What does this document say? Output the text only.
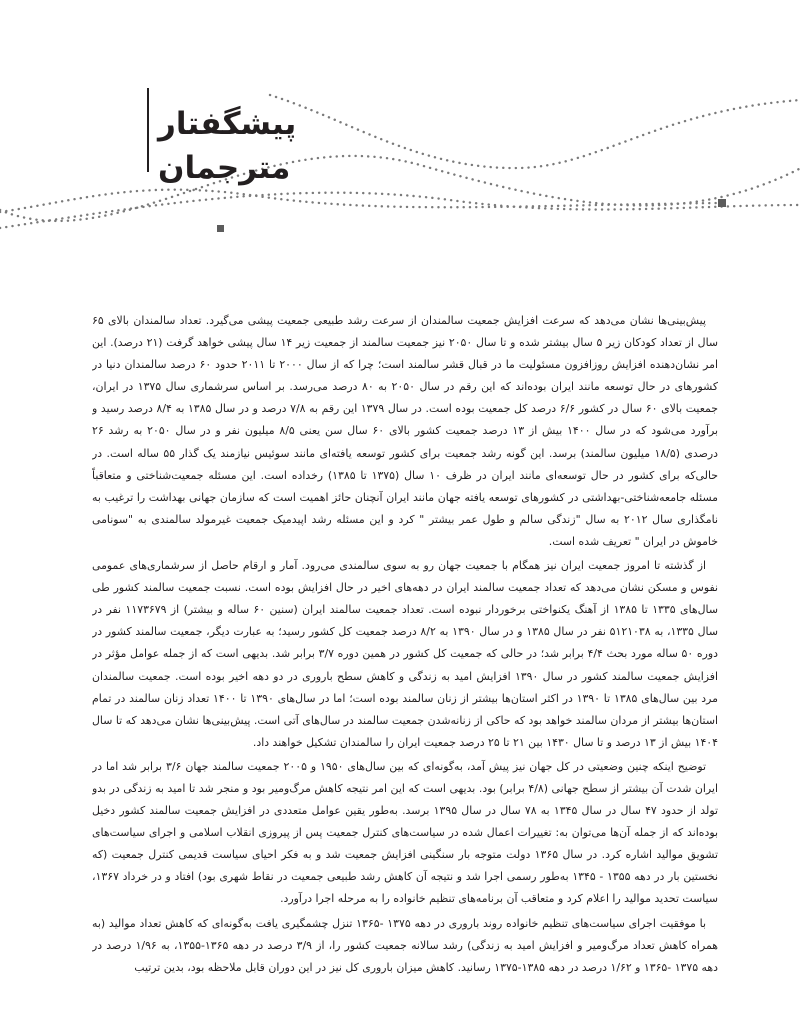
پیشگفتار مترجمان

پیش‌بینی‌ها نشان می‌دهد که سرعت افزایش جمعیت سالمندان از سرعت رشد طبیعی جمعیت پیشی می‌گیرد. تعداد سالمندان بالای ۶۵ سال از تعداد کودکان زیر ۵ سال بیشتر شده و تا سال ۲۰۵۰ نیز جمعیت سالمند از جمعیت زیر ۱۴ سال پیشی خواهد گرفت (۲۱ درصد). این امر نشان‌دهنده افزایش روزافزون مسئولیت ما در قبال قشر سالمند است؛ چرا که از سال ۲۰۰۰ تا ۲۰۱۱ حدود ۶۰ درصد سالمندان دنیا در کشورهای در حال توسعه مانند ایران بوده‌اند که این رقم در سال ۲۰۵۰ به ۸۰ درصد می‌رسد. بر اساس سرشماری سال ۱۳۷۵ در ایران، جمعیت بالای ۶۰ سال در کشور ۶/۶ درصد کل جمعیت بوده است. در سال ۱۳۷۹ این رقم به ۷/۸ درصد و در سال ۱۳۸۵ به ۸/۴ درصد رسید و برآورد می‌شود که در سال ۱۴۰۰ بیش از ۱۳ درصد جمعیت کشور بالای ۶۰ سال سن یعنی ۸/۵ میلیون نفر و در سال ۲۰۵۰ به رشد ۲۶ درصدی (۱۸/۵ میلیون سالمند) برسد. این گونه رشد جمعیت برای کشور توسعه یافته‌ای مانند سوئیس نیازمند یک گذار ۵۵ ساله است. در حالی‌که برای کشور در حال توسعه‌ای مانند ایران در ظرف ۱۰ سال (۱۳۷۵ تا ۱۳۸۵) رخداده است. این مسئله جمعیت‌شناختی و متعاقباً مسئله جامعه‌شناختی-بهداشتی در کشورهای توسعه یافته جهان مانند ایران آنچنان حائز اهمیت است که سازمان جهانی بهداشت را ترغیب به نامگذاری سال ۲۰۱۲ به سال "زندگی سالم و طول عمر بیشتر " کرد و این مسئله رشد اپیدمیک جمعیت غیرمولد سالمندی به "سونامی خاموش در ایران " تعریف شده است.

از گذشته تا امروز جمعیت ایران نیز همگام با جمعیت جهان رو به سوی سالمندی می‌رود. آمار و ارقام حاصل از سرشماری‌های عمومی نفوس و مسکن نشان می‌دهد که تعداد جمعیت سالمند ایران در دهه‌های اخیر در حال افزایش بوده است. نسبت جمعیت سالمند کشور طی سال‌های ۱۳۳۵ تا ۱۳۸۵ از آهنگ یکنواختی برخوردار نبوده است. تعداد جمعیت سالمند ایران (سنین ۶۰ ساله و بیشتر) از ۱۱۷۳۶۷۹ نفر در سال ۱۳۳۵، به ۵۱۲۱۰۳۸ نفر در سال ۱۳۸۵ و در سال ۱۳۹۰ به ۸/۲ درصد جمعیت کل کشور رسید؛ به عبارت دیگر، جمعیت سالمند کشور در دوره ۵۰ ساله مورد بحث ۴/۴ برابر شد؛ در حالی که جمعیت کل کشور در همین دوره ۳/۷ برابر شد. بدیهی است که از جمله عوامل مؤثر در افزایش جمعیت سالمند کشور در سال ۱۳۹۰ افزایش امید به زندگی و کاهش سطح باروری در دو دهه اخیر بوده است. جمعیت سالمندان مرد بین سال‌های ۱۳۸۵ تا ۱۳۹۰ در اکثر استان‌ها بیشتر از زنان سالمند بوده است؛ اما در سال‌های ۱۳۹۰ تا ۱۴۰۰ تعداد زنان سالمند در تمام استان‌ها بیشتر از مردان سالمند خواهد بود که حاکی از زنانه‌شدن جمعیت سالمند در سال‌های آتی است. پیش‌بینی‌ها نشان می‌دهد که تا سال ۱۴۰۴ بیش از ۱۳ درصد و تا سال ۱۴۳۰ بین ۲۱ تا ۲۵ درصد جمعیت ایران را سالمندان تشکیل خواهند داد.

توضیح اینکه چنین وضعیتی در کل جهان نیز پیش آمد، به‌گونه‌ای که بین سال‌های ۱۹۵۰ و ۲۰۰۵ جمعیت سالمند جهان ۳/۶ برابر شد اما در ایران شدت آن بیشتر از سطح جهانی (۴/۸ برابر) بود. بدیهی است که این امر نتیجه کاهش مرگ‌ومیر بود و منجر شد تا امید به زندگی در بدو تولد از حدود ۴۷ سال در سال ۱۳۴۵ به ۷۸ سال در سال ۱۳۹۵ برسد. به‌طور یقین عوامل متعددی در افزایش جمعیت سالمند کشور دخیل بوده‌اند که از جمله آن‌ها می‌توان به: تغییرات اعمال شده در سیاست‌های کنترل جمعیت پس از پیروزی انقلاب اسلامی و اجرای سیاست‌های تشویق موالید اشاره کرد. در سال ۱۳۶۵ دولت متوجه بار سنگینی افزایش جمعیت شد و به فکر احیای سیاست قدیمی کنترل جمعیت (که نخستین بار در دهه ۱۳۵۵ - ۱۳۴۵ به‌طور رسمی اجرا شد و نتیجه آن کاهش رشد طبیعی جمعیت در نقاط شهری بود) افتاد و در خرداد ۱۳۶۷، سیاست تحدید موالید را اعلام کرد و متعاقب آن برنامه‌های تنظیم خانواده را به مرحله اجرا درآورد.

با موفقیت اجرای سیاست‌های تنظیم خانواده روند باروری در دهه ۱۳۷۵ -۱۳۶۵ تنزل چشمگیری یافت به‌گونه‌ای که کاهش تعداد موالید (به همراه کاهش تعداد مرگ‌ومیر و افزایش امید به زندگی) رشد سالانه جمعیت کشور را، از ۳/۹ درصد در دهه ۱۳۶۵-۱۳۵۵، به ۱/۹۶ درصد در دهه ۱۳۷۵ -۱۳۶۵ و ۱/۶۲ درصد در دهه ۱۳۸۵-۱۳۷۵ رسانید. کاهش میزان باروری کل نیز در این دوران قابل ملاحظه بود، بدین ترتیب
